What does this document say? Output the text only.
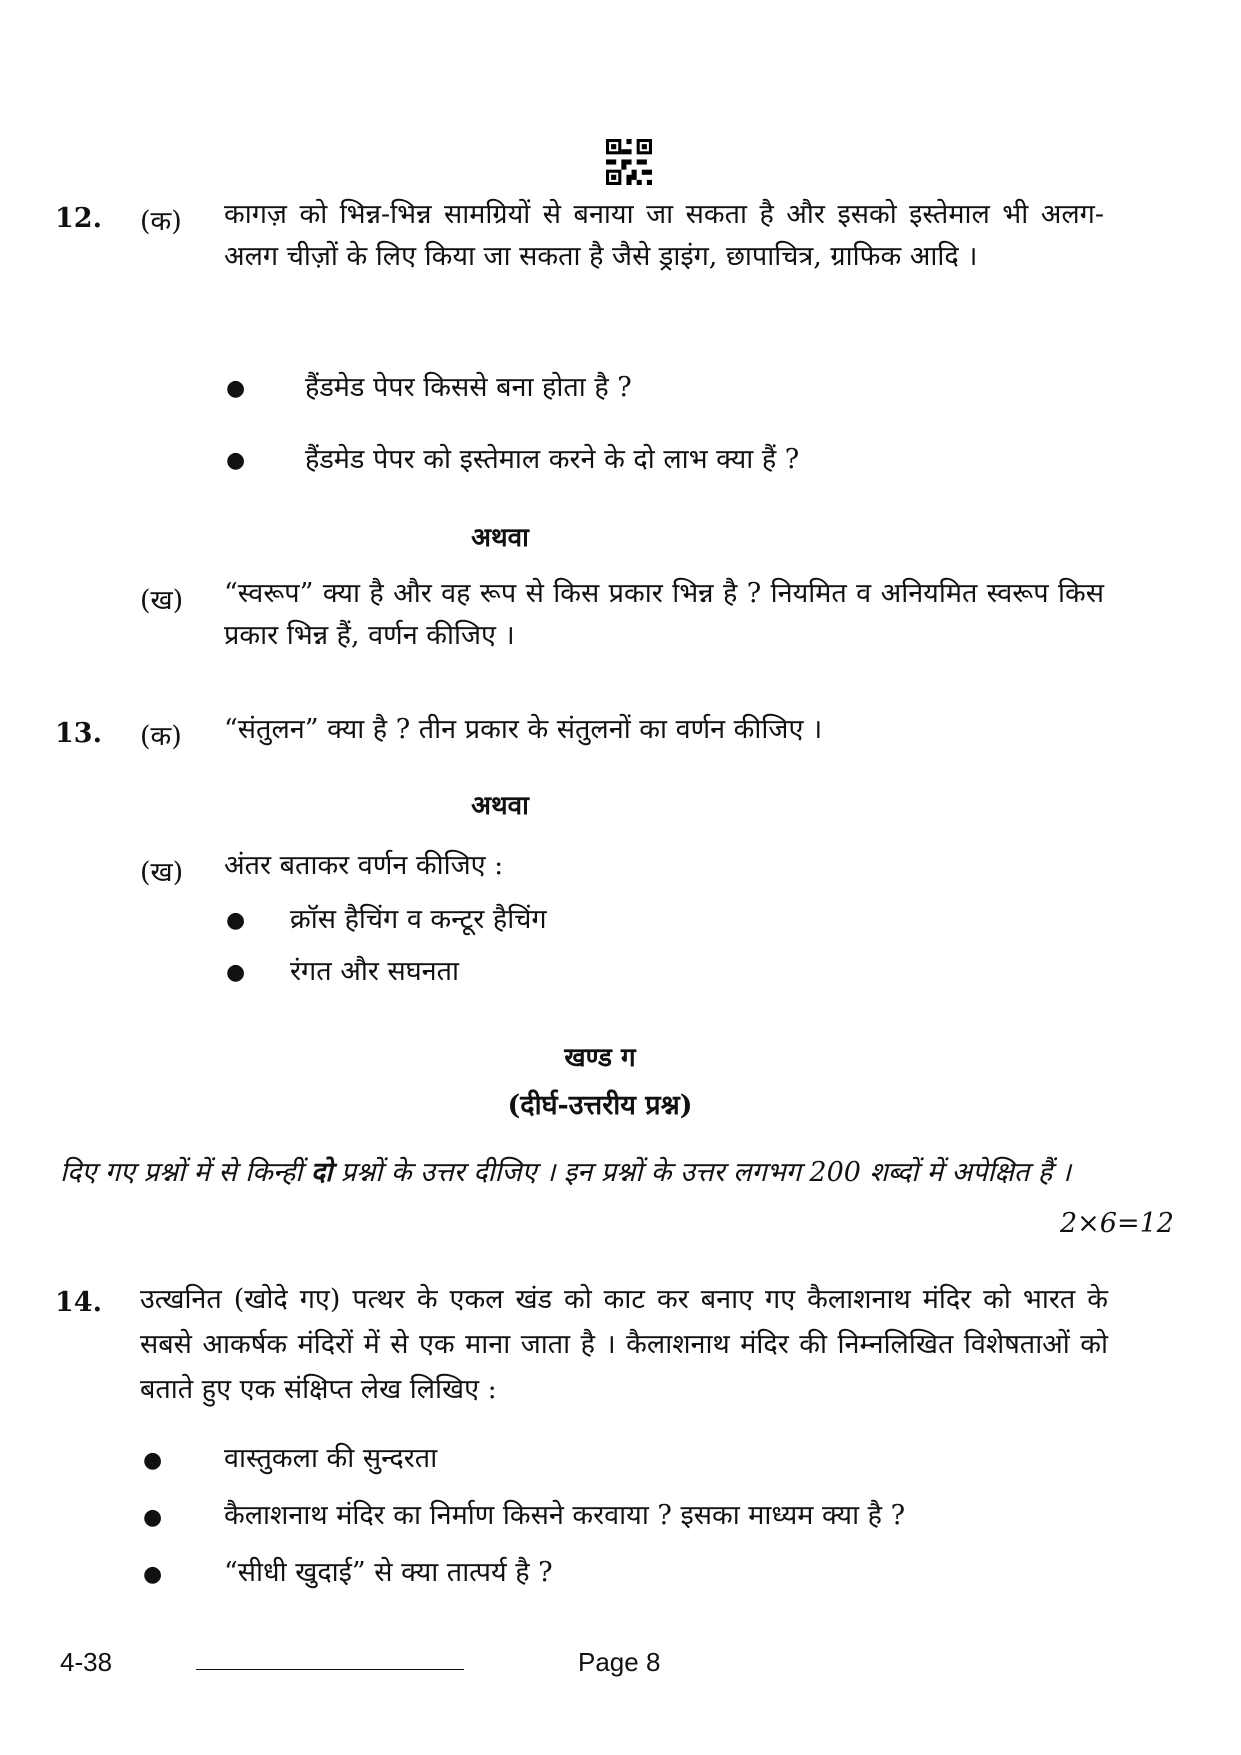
12. (क) कागज़ को भिन्न-भिन्न सामग्रियों से बनाया जा सकता है और इसको इस्तेमाल भी अलग-अलग चीज़ों के लिए किया जा सकता है जैसे ड्राइंग, छापाचित्र, ग्राफिक आदि ।
● हैंडमेड पेपर किससे बना होता है ?
● हैंडमेड पेपर को इस्तेमाल करने के दो लाभ क्या हैं ?
अथवा
(ख) “स्वरूप” क्या है और वह रूप से किस प्रकार भिन्न है ? नियमित व अनियमित स्वरूप किस प्रकार भिन्न हैं, वर्णन कीजिए ।
13. (क) “संतुलन” क्या है ? तीन प्रकार के संतुलनों का वर्णन कीजिए ।
अथवा
(ख) अंतर बताकर वर्णन कीजिए :
● क्रॉस हैचिंग व कन्टूर हैचिंग
● रंगत और सघनता
खण्ड ग
(दीर्घ-उत्तरीय प्रश्न)
दिए गए प्रश्नों में से किन्हीं दो प्रश्नों के उत्तर दीजिए । इन प्रश्नों के उत्तर लगभग 200 शब्दों में अपेक्षित हैं ।
2×6=12
14. उत्खनित (खोदे गए) पत्थर के एकल खंड को काट कर बनाए गए कैलाशनाथ मंदिर को भारत के सबसे आकर्षक मंदिरों में से एक माना जाता है । कैलाशनाथ मंदिर की निम्नलिखित विशेषताओं को बताते हुए एक संक्षिप्त लेख लिखिए :
● वास्तुकला की सुन्दरता
● कैलाशनाथ मंदिर का निर्माण किसने करवाया ? इसका माध्यम क्या है ?
● “सीधी खुदाई” से क्या तात्पर्य है ?
4-38	Page 8
